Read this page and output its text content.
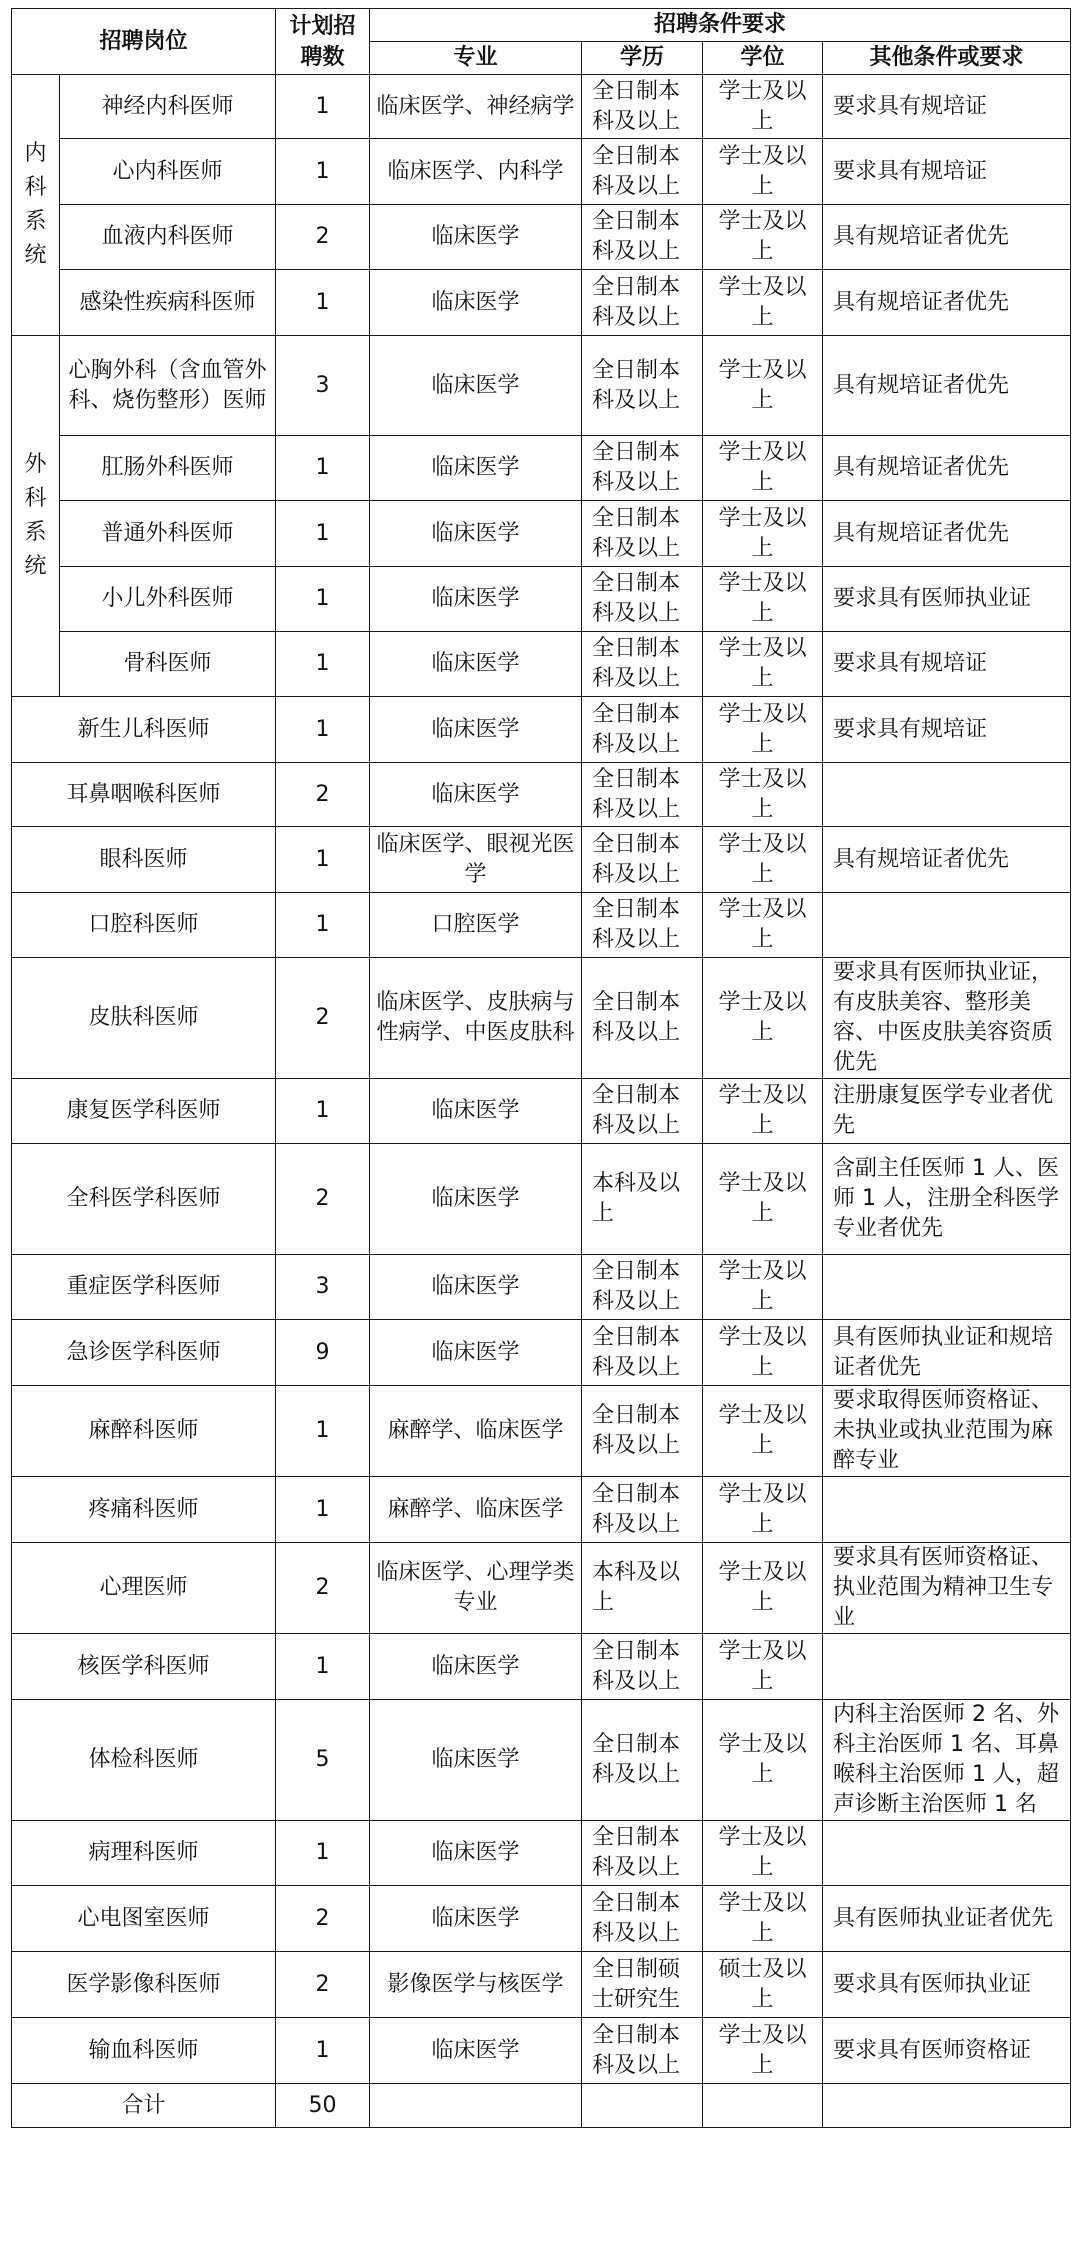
招聘岗位		计划招聘数	招聘条件要求			
			专业	学历	学位	其他条件或要求

内科系统	神经内科医师	1	临床医学、神经病学	全日制本科及以上	学士及以上	要求具有规培证
	心内科医师	1	临床医学、内科学	全日制本科及以上	学士及以上	要求具有规培证
	血液内科医师	2	临床医学	全日制本科及以上	学士及以上	具有规培证者优先
	感染性疾病科医师	1	临床医学	全日制本科及以上	学士及以上	具有规培证者优先

外科系统	心胸外科（含血管外科、烧伤整形）医师	3	临床医学	全日制本科及以上	学士及以上	具有规培证者优先
	肛肠外科医师	1	临床医学	全日制本科及以上	学士及以上	具有规培证者优先
	普通外科医师	1	临床医学	全日制本科及以上	学士及以上	具有规培证者优先
	小儿外科医师	1	临床医学	全日制本科及以上	学士及以上	要求具有医师执业证
	骨科医师	1	临床医学	全日制本科及以上	学士及以上	要求具有规培证
新生儿科医师		1	临床医学	全日制本科及以上	学士及以上	要求具有规培证
耳鼻咽喉科医师		2	临床医学	全日制本科及以上	学士及以上	
眼科医师		1	临床医学、眼视光医学	全日制本科及以上	学士及以上	具有规培证者优先
口腔科医师		1	口腔医学	全日制本科及以上	学士及以上	
皮肤科医师		2	临床医学、皮肤病与性病学、中医皮肤科	全日制本科及以上	学士及以上	要求具有医师执业证，有皮肤美容、整形美容、中医皮肤美容资质优先
康复医学科医师		1	临床医学	全日制本科及以上	学士及以上	注册康复医学专业者优先
全科医学科医师		2	临床医学	本科及以上	学士及以上	含副主任医师 1 人、医师 1 人，注册全科医学专业者优先
重症医学科医师		3	临床医学	全日制本科及以上	学士及以上	
急诊医学科医师		9	临床医学	全日制本科及以上	学士及以上	具有医师执业证和规培证者优先
麻醉科医师		1	麻醉学、临床医学	全日制本科及以上	学士及以上	要求取得医师资格证、未执业或执业范围为麻醉专业
疼痛科医师		1	麻醉学、临床医学	全日制本科及以上	学士及以上	
心理医师		2	临床医学、心理学类专业	本科及以上	学士及以上	要求具有医师资格证、执业范围为精神卫生专业
核医学科医师		1	临床医学	全日制本科及以上	学士及以上	
体检科医师		5	临床医学	全日制本科及以上	学士及以上	内科主治医师 2 名、外科主治医师 1 名、耳鼻喉科主治医师 1 人，超声诊断主治医师 1 名
病理科医师		1	临床医学	全日制本科及以上	学士及以上	
心电图室医师		2	临床医学	全日制本科及以上	学士及以上	具有医师执业证者优先
医学影像科医师		2	影像医学与核医学	全日制硕士研究生	硕士及以上	要求具有医师执业证
输血科医师		1	临床医学	全日制本科及以上	学士及以上	要求具有医师资格证
合计		50				
